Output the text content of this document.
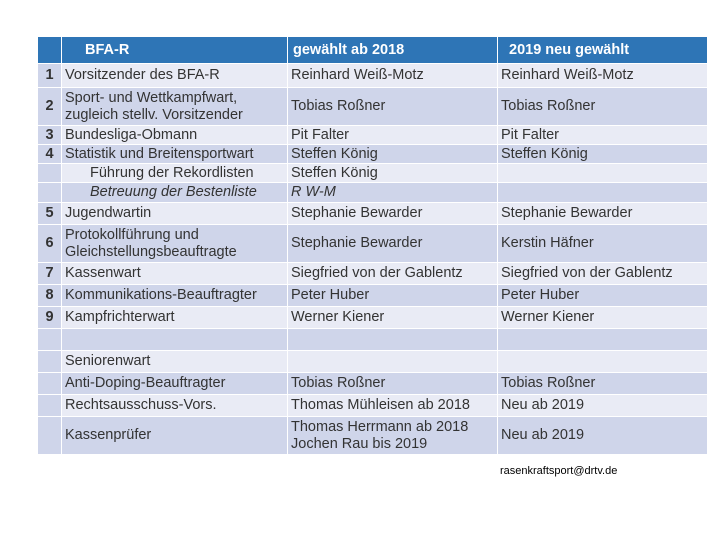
	BFA-R	gewählt ab 2018	2019 neu gewählt
1	Vorsitzender des BFA-R	Reinhard Weiß-Motz	Reinhard Weiß-Motz
2	Sport- und Wettkampfwart,
zugleich stellv. Vorsitzender	Tobias Roßner	Tobias Roßner
3	Bundesliga-Obmann	Pit Falter	Pit Falter
4	Statistik und Breitensportwart	Steffen König	Steffen König
	Führung der Rekordlisten	Steffen König	
	Betreuung der Bestenliste	R W-M	
5	Jugendwartin	Stephanie Bewarder	Stephanie Bewarder
6	Protokollführung und
Gleichstellungsbeauftragte	Stephanie Bewarder	Kerstin Häfner
7	Kassenwart	Siegfried von der Gablentz	Siegfried von der Gablentz
8	Kommunikations-Beauftragter	Peter Huber	Peter Huber
9	Kampfrichterwart	Werner Kiener	Werner Kiener

	Seniorenwart		
	Anti-Doping-Beauftragter	Tobias Roßner	Tobias Roßner
	Rechtsausschuss-Vors.	Thomas Mühleisen ab 2018	Neu ab 2019
	Kassenprüfer	Thomas Herrmann ab 2018
Jochen Rau bis 2019	Neu ab 2019
rasenkraftsport@drtv.de
